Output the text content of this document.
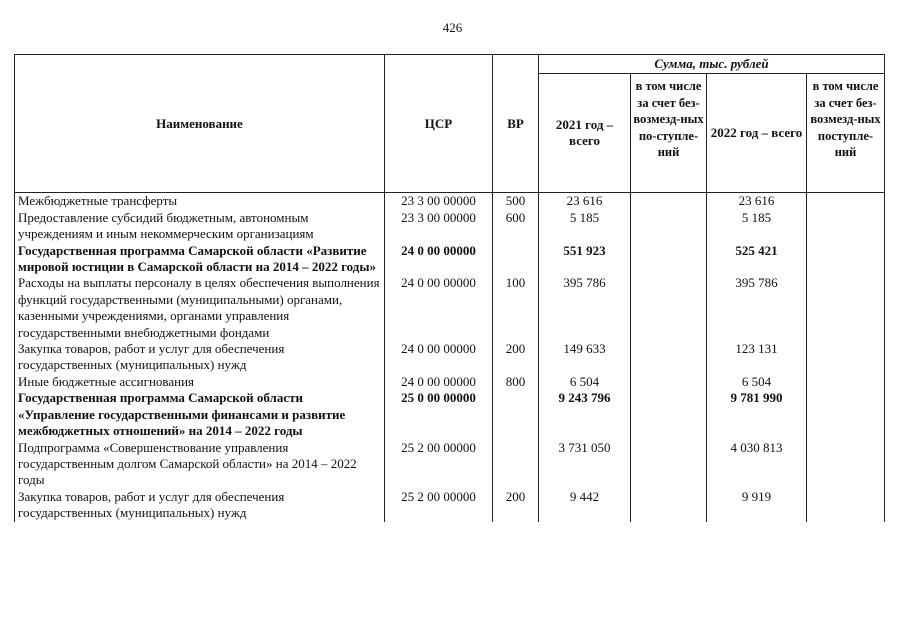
426
Наименование	ЦСР	ВР	Сумма, тыс. рублей			
			2021 год – всего	в том числе за счет без-возмезд-ных по-ступле-ний	2022 год – всего	в том числе за счет без-возмезд-ных поступле-ний
Межбюджетные трансферты	23 3 00 00000	500	23 616		23 616	
Предоставление субсидий бюджетным, автономным учреждениям и иным некоммерческим организациям	23 3 00 00000	600	5 185		5 185	
Государственная программа Самарской области «Развитие мировой юстиции в Самарской области на 2014 – 2022 годы»	24 0 00 00000		551 923		525 421	
Расходы на выплаты персоналу в целях обеспечения выполнения функций государственными (муниципальными) органами, казенными учреждениями, органами управления государственными внебюджетными фондами	24 0 00 00000	100	395 786		395 786	
Закупка товаров, работ и услуг для обеспечения государственных (муниципальных) нужд	24 0 00 00000	200	149 633		123 131	
Иные бюджетные ассигнования	24 0 00 00000	800	6 504		6 504	
Государственная программа Самарской области «Управление государственными финансами и развитие межбюджетных отношений» на 2014 – 2022 годы	25 0 00 00000		9 243 796		9 781 990	
Подпрограмма «Совершенствование управления государственным долгом Самарской области» на 2014 – 2022 годы	25 2 00 00000		3 731 050		4 030 813	
Закупка товаров, работ и услуг для обеспечения государственных (муниципальных) нужд	25 2 00 00000	200	9 442		9 919	
